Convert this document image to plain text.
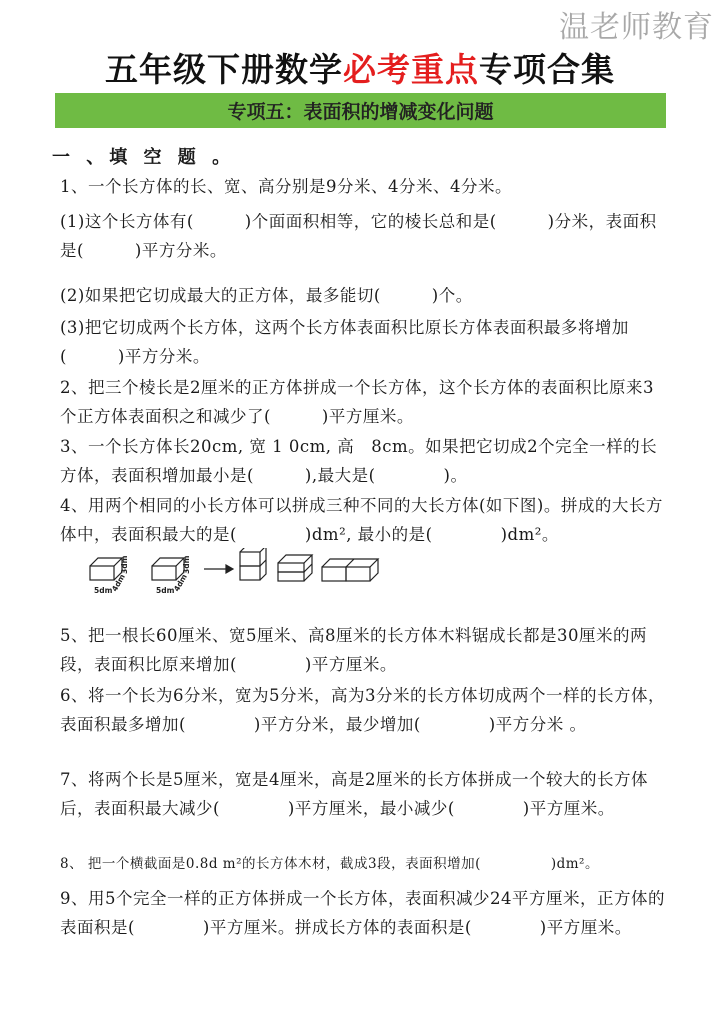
温老师教育
五年级下册数学必考重点专项合集
专项五：表面积的增减变化问题
一 、填 空 题 。
1、一个长方体的长、宽、高分别是9分米、4分米、4分米。
(1)这个长方体有(　　　)个面面积相等，它的棱长总和是(　　　)分米，表面积是(　　　)平方分米。
(2)如果把它切成最大的正方体，最多能切(　　　)个。
(3)把它切成两个长方体，这两个长方体表面积比原长方体表面积最多将增加(　　　)平方分米。
2、把三个棱长是2厘米的正方体拼成一个长方体，这个长方体的表面积比原来3个正方体表面积之和减少了(　　　)平方厘米。
3、一个长方体长20cm, 宽 1 0cm, 高　8cm。如果把它切成2个完全一样的长方体，表面积增加最小是(　　　),最大是(　　　　)。
4、用两个相同的小长方体可以拼成三种不同的大长方体(如下图)。拼成的大长方体中，表面积最大的是(　　　　)dm², 最小的是(　　　　)dm²。
5dm
4dm
3dm
5dm
4dm
3dm
5、把一根长60厘米、宽5厘米、高8厘米的长方体木料锯成长都是30厘米的两段，表面积比原来增加(　　　　)平方厘米。
6、将一个长为6分米，宽为5分米，高为3分米的长方体切成两个一样的长方体，表面积最多增加(　　　　)平方分米，最少增加(　　　　)平方分米 。
7、将两个长是5厘米，宽是4厘米，高是2厘米的长方体拼成一个较大的长方体后，表面积最大减少(　　　　)平方厘米，最小减少(　　　　)平方厘米。
8、 把一个横截面是0.8d m²的长方体木材，截成3段，表面积增加(　　　　　)dm²。
9、用5个完全一样的正方体拼成一个长方体，表面积减少24平方厘米，正方体的表面积是(　　　　)平方厘米。拼成长方体的表面积是(　　　　)平方厘米。
